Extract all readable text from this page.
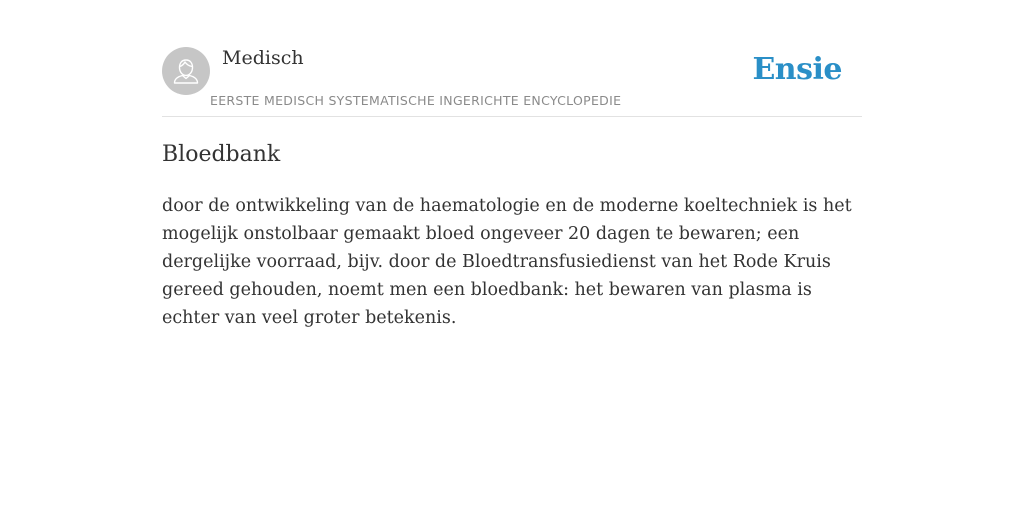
Medisch
EERSTE MEDISCH SYSTEMATISCHE INGERICHTE ENCYCLOPEDIE
Ensie
Bloedbank

door de ontwikkeling van de haematologie en de moderne koeltechniek is het mogelijk onstolbaar gemaakt bloed ongeveer 20 dagen te bewaren; een dergelijke voorraad, bijv. door de Bloedtransfusiedienst van het Rode Kruis gereed gehouden, noemt men een bloedbank: het bewaren van plasma is echter van veel groter betekenis.
